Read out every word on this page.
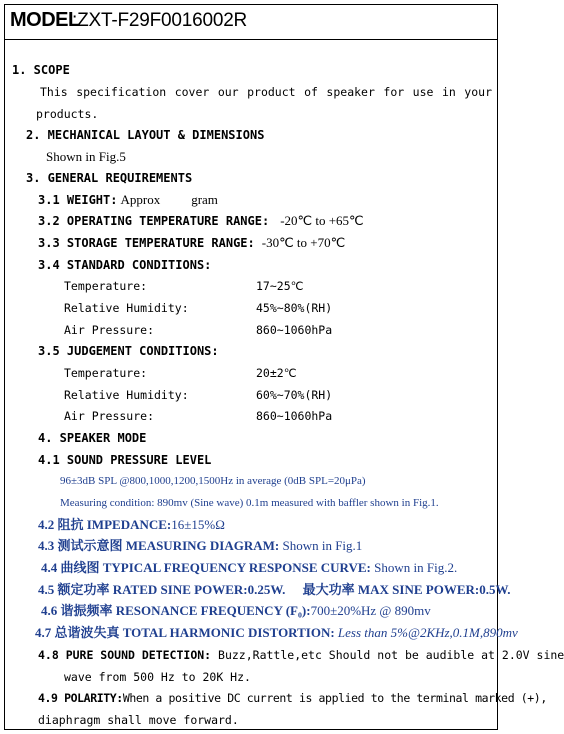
MODEL
:ZXT-F29F0016002R
1. SCOPE
This specification cover our product of speaker for use in your
products.
2. MECHANICAL LAYOUT & DIMENSIONS
Shown in Fig.5
3. GENERAL REQUIREMENTS
3.1 WEIGHT: Approx gram
3.2 OPERATING TEMPERATURE RANGE: -20℃ to +65℃
3.3 STORAGE TEMPERATURE RANGE: -30℃ to +70℃
3.4 STANDARD CONDITIONS:
Temperature:	17~25℃
Relative Humidity:	45%~80%(RH)
Air Pressure:	860~1060hPa
3.5 JUDGEMENT CONDITIONS:
Temperature:	20±2℃
Relative Humidity:	60%~70%(RH)
Air Pressure:	860~1060hPa
4. SPEAKER MODE
4.1 SOUND PRESSURE LEVEL
96±3dB SPL @800,1000,1200,1500Hz in average (0dB SPL=20μPa)
Measuring condition: 890mv (Sine wave) 0.1m measured with baffler shown in Fig.1.
4.2 阻抗 IMPEDANCE:16±15%Ω
4.3 测试示意图 MEASURING DIAGRAM: Shown in Fig.1
4.4 曲线图 TYPICAL FREQUENCY RESPONSE CURVE: Shown in Fig.2.
4.5 额定功率 RATED SINE POWER:0.25W. 最大功率 MAX SINE POWER:0.5W.
4.6 谐振频率 RESONANCE FREQUENCY (F₀):700±20%Hz @ 890mv
4.7 总谐波失真 TOTAL HARMONIC DISTORTION: Less than 5%@2KHz,0.1M,890mv
4.8 PURE SOUND DETECTION: Buzz,Rattle,etc Should not be audible at 2.0V sine
wave from 500 Hz to 20K Hz.
4.9 POLARITY:When a positive DC current is applied to the terminal marked (+),
diaphragm shall move forward.
